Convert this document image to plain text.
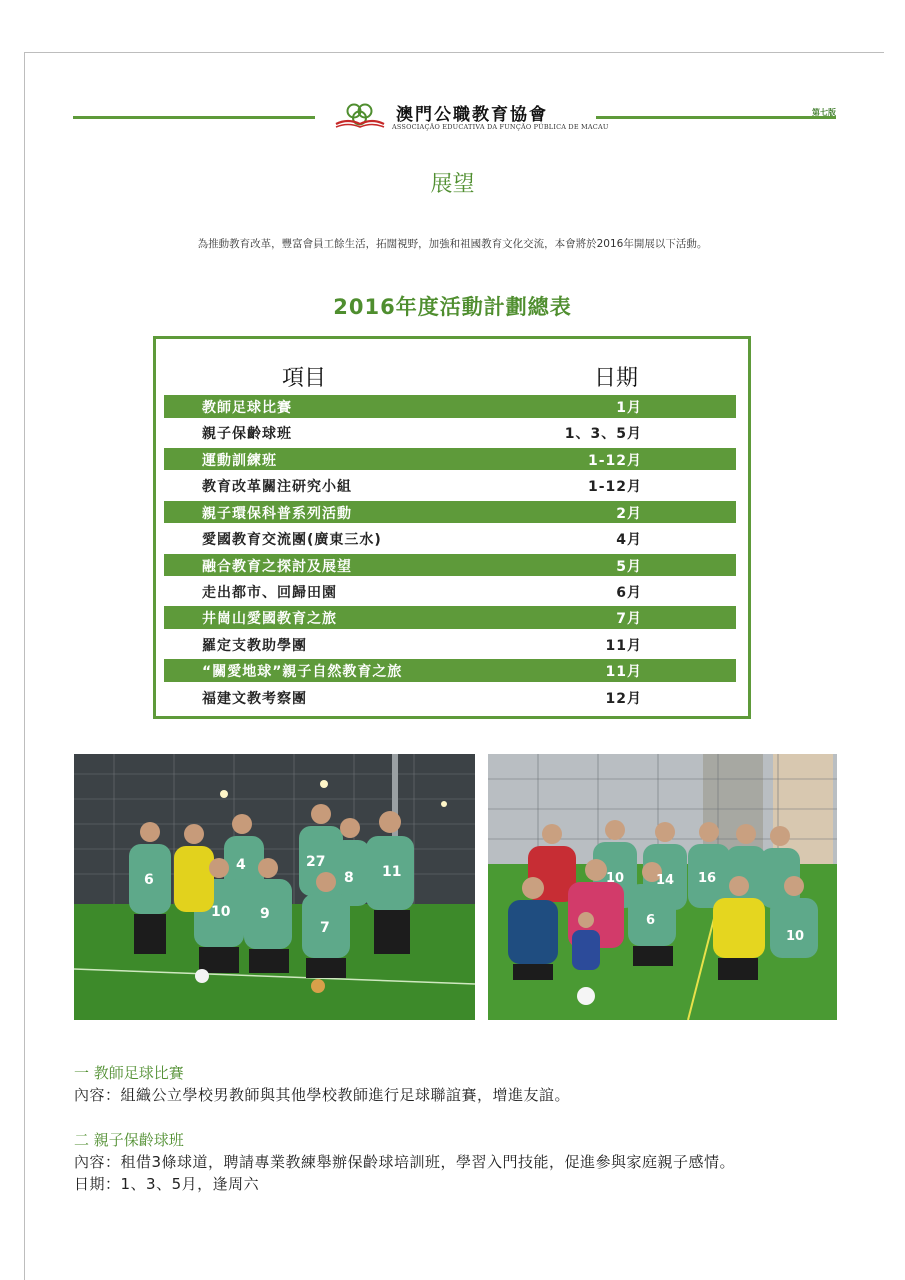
澳門公職教育協會
ASSOCIAÇÃO EDUCATIVA DA FUNÇÃO PÚBLICA DE MACAU
第七版
展望
為推動教育改革，豐富會員工餘生活，拓闊視野，加強和祖國教育文化交流，本會將於2016年開展以下活動。
2016年度活動計劃總表
項目	日期
教師足球比賽	1月
親子保齡球班	1、3、5月
運動訓練班	1-12月
教育改革關注研究小組	1-12月
親子環保科普系列活動	2月
愛國教育交流團(廣東三水)	4月
融合教育之探討及展望	5月
走出都市、回歸田園	6月
井崗山愛國教育之旅	7月
羅定支教助學團	11月
“關愛地球”親子自然教育之旅	11月
福建文教考察團	12月
6
4	27
8 11
10 9
7
10 14 16
6
10
一 教師足球比賽
內容：組織公立學校男教師與其他學校教師進行足球聯誼賽，增進友誼。
二 親子保齡球班
內容：租借3條球道，聘請專業教練舉辦保齡球培訓班，學習入門技能，促進參與家庭親子感情。
日期：1、3、5月，逢周六
